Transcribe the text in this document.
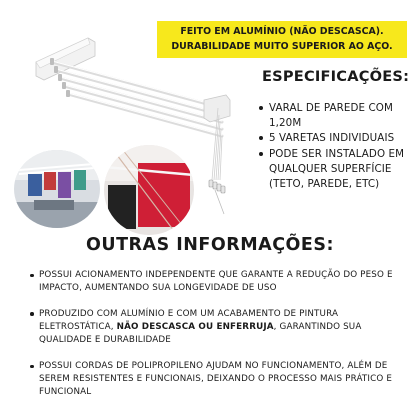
FEITO EM ALUMÍNIO (NÃO DESCASCA).
DURABILIDADE MUITO SUPERIOR AO AÇO.
ESPECIFICAÇÕES:
VARAL DE PAREDE COM 1,20M
5 VARETAS INDIVIDUAIS
PODE SER INSTALADO EM QUALQUER SUPERFÍCIE (TETO, PAREDE, ETC)
OUTRAS INFORMAÇÕES:
POSSUI ACIONAMENTO INDEPENDENTE QUE GARANTE A REDUÇÃO DO PESO E IMPACTO, AUMENTANDO SUA LONGEVIDADE DE USO
PRODUZIDO COM ALUMÍNIO E COM UM ACABAMENTO DE PINTURA ELETROSTÁTICA, NÃO DESCASCA OU ENFERRUJA, GARANTINDO SUA QUALIDADE E DURABILIDADE
POSSUI CORDAS DE POLIPROPILENO AJUDAM NO FUNCIONAMENTO, ALÉM DE SEREM RESISTENTES E FUNCIONAIS, DEIXANDO O PROCESSO MAIS PRÁTICO E FUNCIONAL
